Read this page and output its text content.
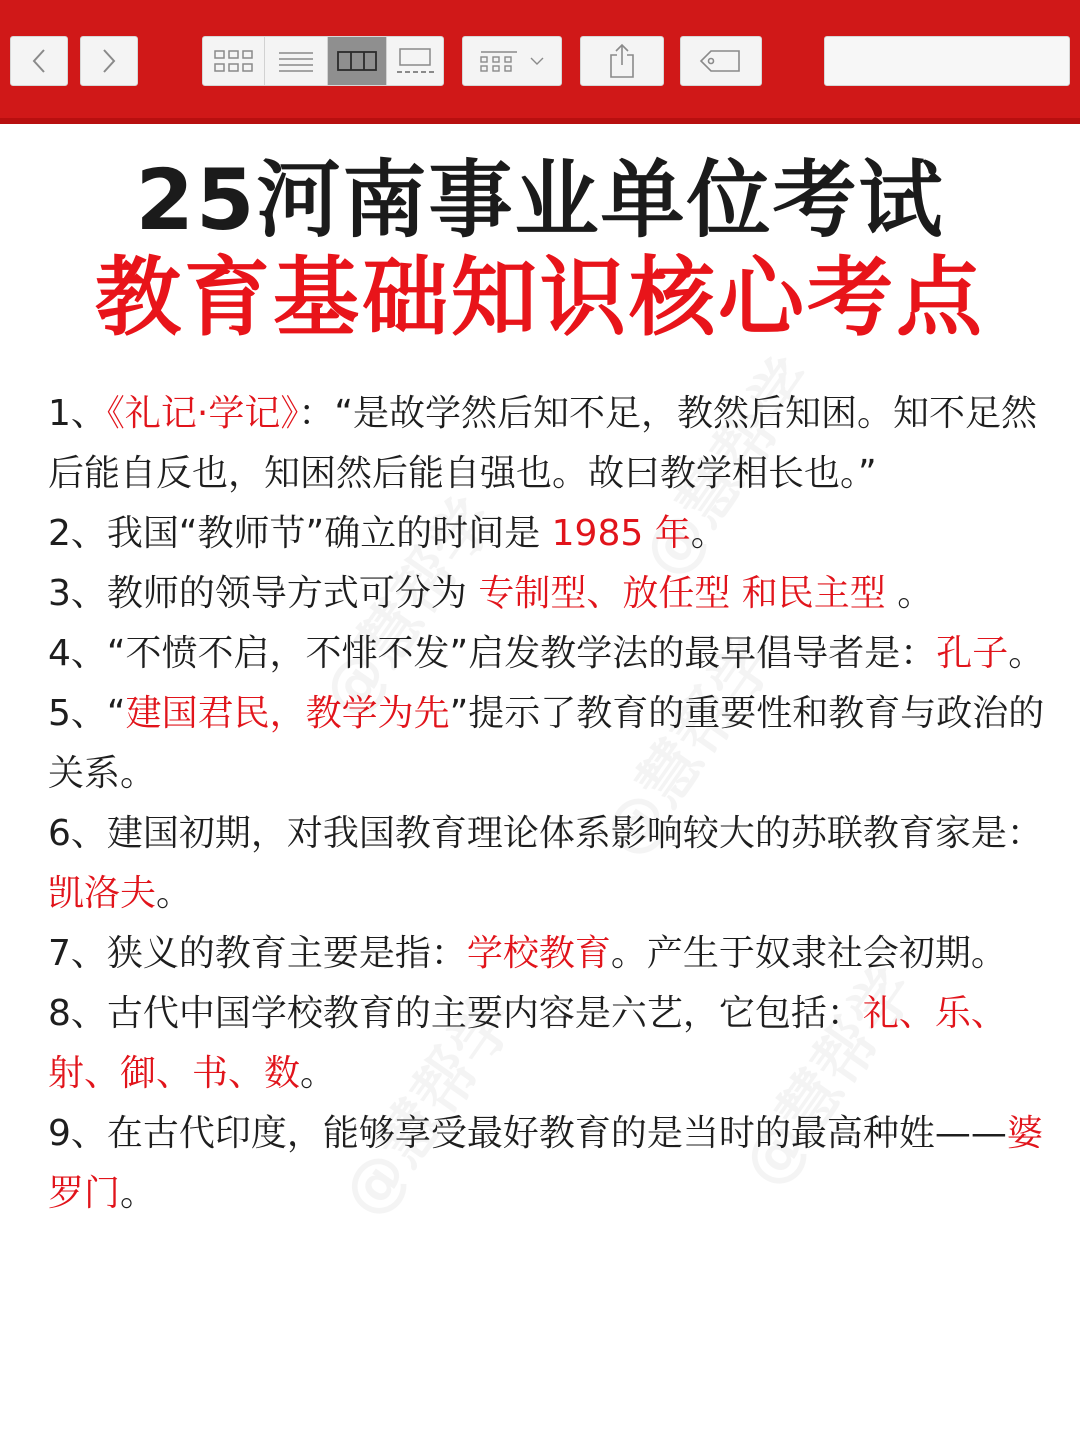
25河南事业单位考试
教育基础知识核心考点

1、《礼记·学记》：“是故学然后知不足，教然后知困。知不足然后能自反也，知困然后能自强也。故曰教学相长也。”

2、我国“教师节”确立的时间是 1985 年。

3、教师的领导方式可分为 专制型、放任型 和民主型 。

4、“不愤不启，不悱不发”启发教学法的最早倡导者是：孔子。

5、“建国君民，教学为先”提示了教育的重要性和教育与政治的关系。

6、建国初期，对我国教育理论体系影响较大的苏联教育家是：凯洛夫。

7、狭义的教育主要是指：学校教育。产生于奴隶社会初期。

8、古代中国学校教育的主要内容是六艺，它包括：礼、乐、射、御、书、数。

9、在古代印度，能够享受最好教育的是当时的最高种姓——婆罗门。
